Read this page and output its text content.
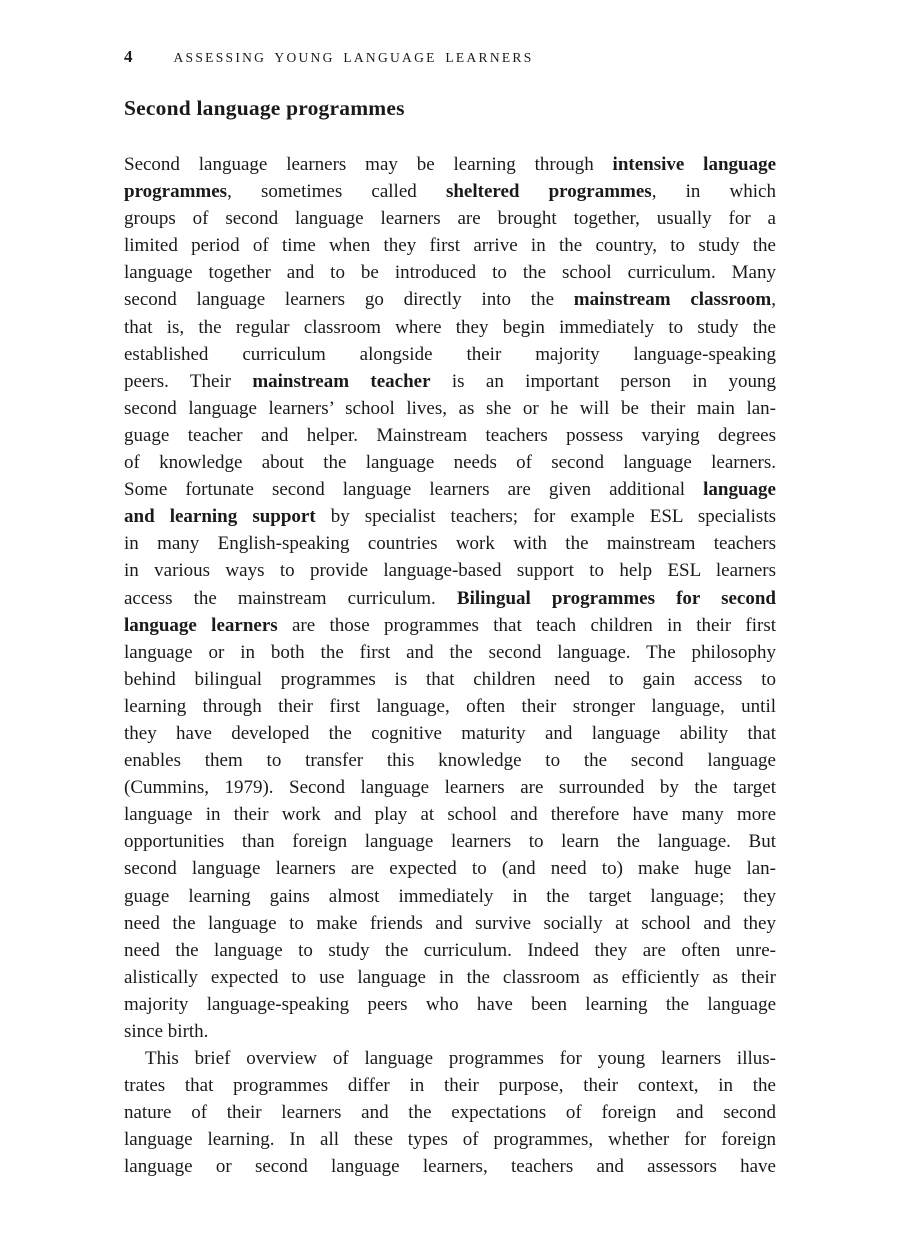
4	ASSESSING YOUNG LANGUAGE LEARNERS
Second language programmes
Second language learners may be learning through intensive language
programmes, sometimes called sheltered programmes, in which
groups of second language learners are brought together, usually for a
limited period of time when they first arrive in the country, to study the
language together and to be introduced to the school curriculum. Many
second language learners go directly into the mainstream classroom,
that is, the regular classroom where they begin immediately to study the
established curriculum alongside their majority language-speaking
peers. Their mainstream teacher is an important person in young
second language learners’ school lives, as she or he will be their main lan-
guage teacher and helper. Mainstream teachers possess varying degrees
of knowledge about the language needs of second language learners.
Some fortunate second language learners are given additional language
and learning support by specialist teachers; for example ESL specialists
in many English-speaking countries work with the mainstream teachers
in various ways to provide language-based support to help ESL learners
access the mainstream curriculum. Bilingual programmes for second
language learners are those programmes that teach children in their first
language or in both the first and the second language. The philosophy
behind bilingual programmes is that children need to gain access to
learning through their first language, often their stronger language, until
they have developed the cognitive maturity and language ability that
enables them to transfer this knowledge to the second language
(Cummins, 1979). Second language learners are surrounded by the target
language in their work and play at school and therefore have many more
opportunities than foreign language learners to learn the language. But
second language learners are expected to (and need to) make huge lan-
guage learning gains almost immediately in the target language; they
need the language to make friends and survive socially at school and they
need the language to study the curriculum. Indeed they are often unre-
alistically expected to use language in the classroom as efficiently as their
majority language-speaking peers who have been learning the language
since birth.
This brief overview of language programmes for young learners illus-
trates that programmes differ in their purpose, their context, in the
nature of their learners and the expectations of foreign and second
language learning. In all these types of programmes, whether for foreign
language or second language learners, teachers and assessors have
